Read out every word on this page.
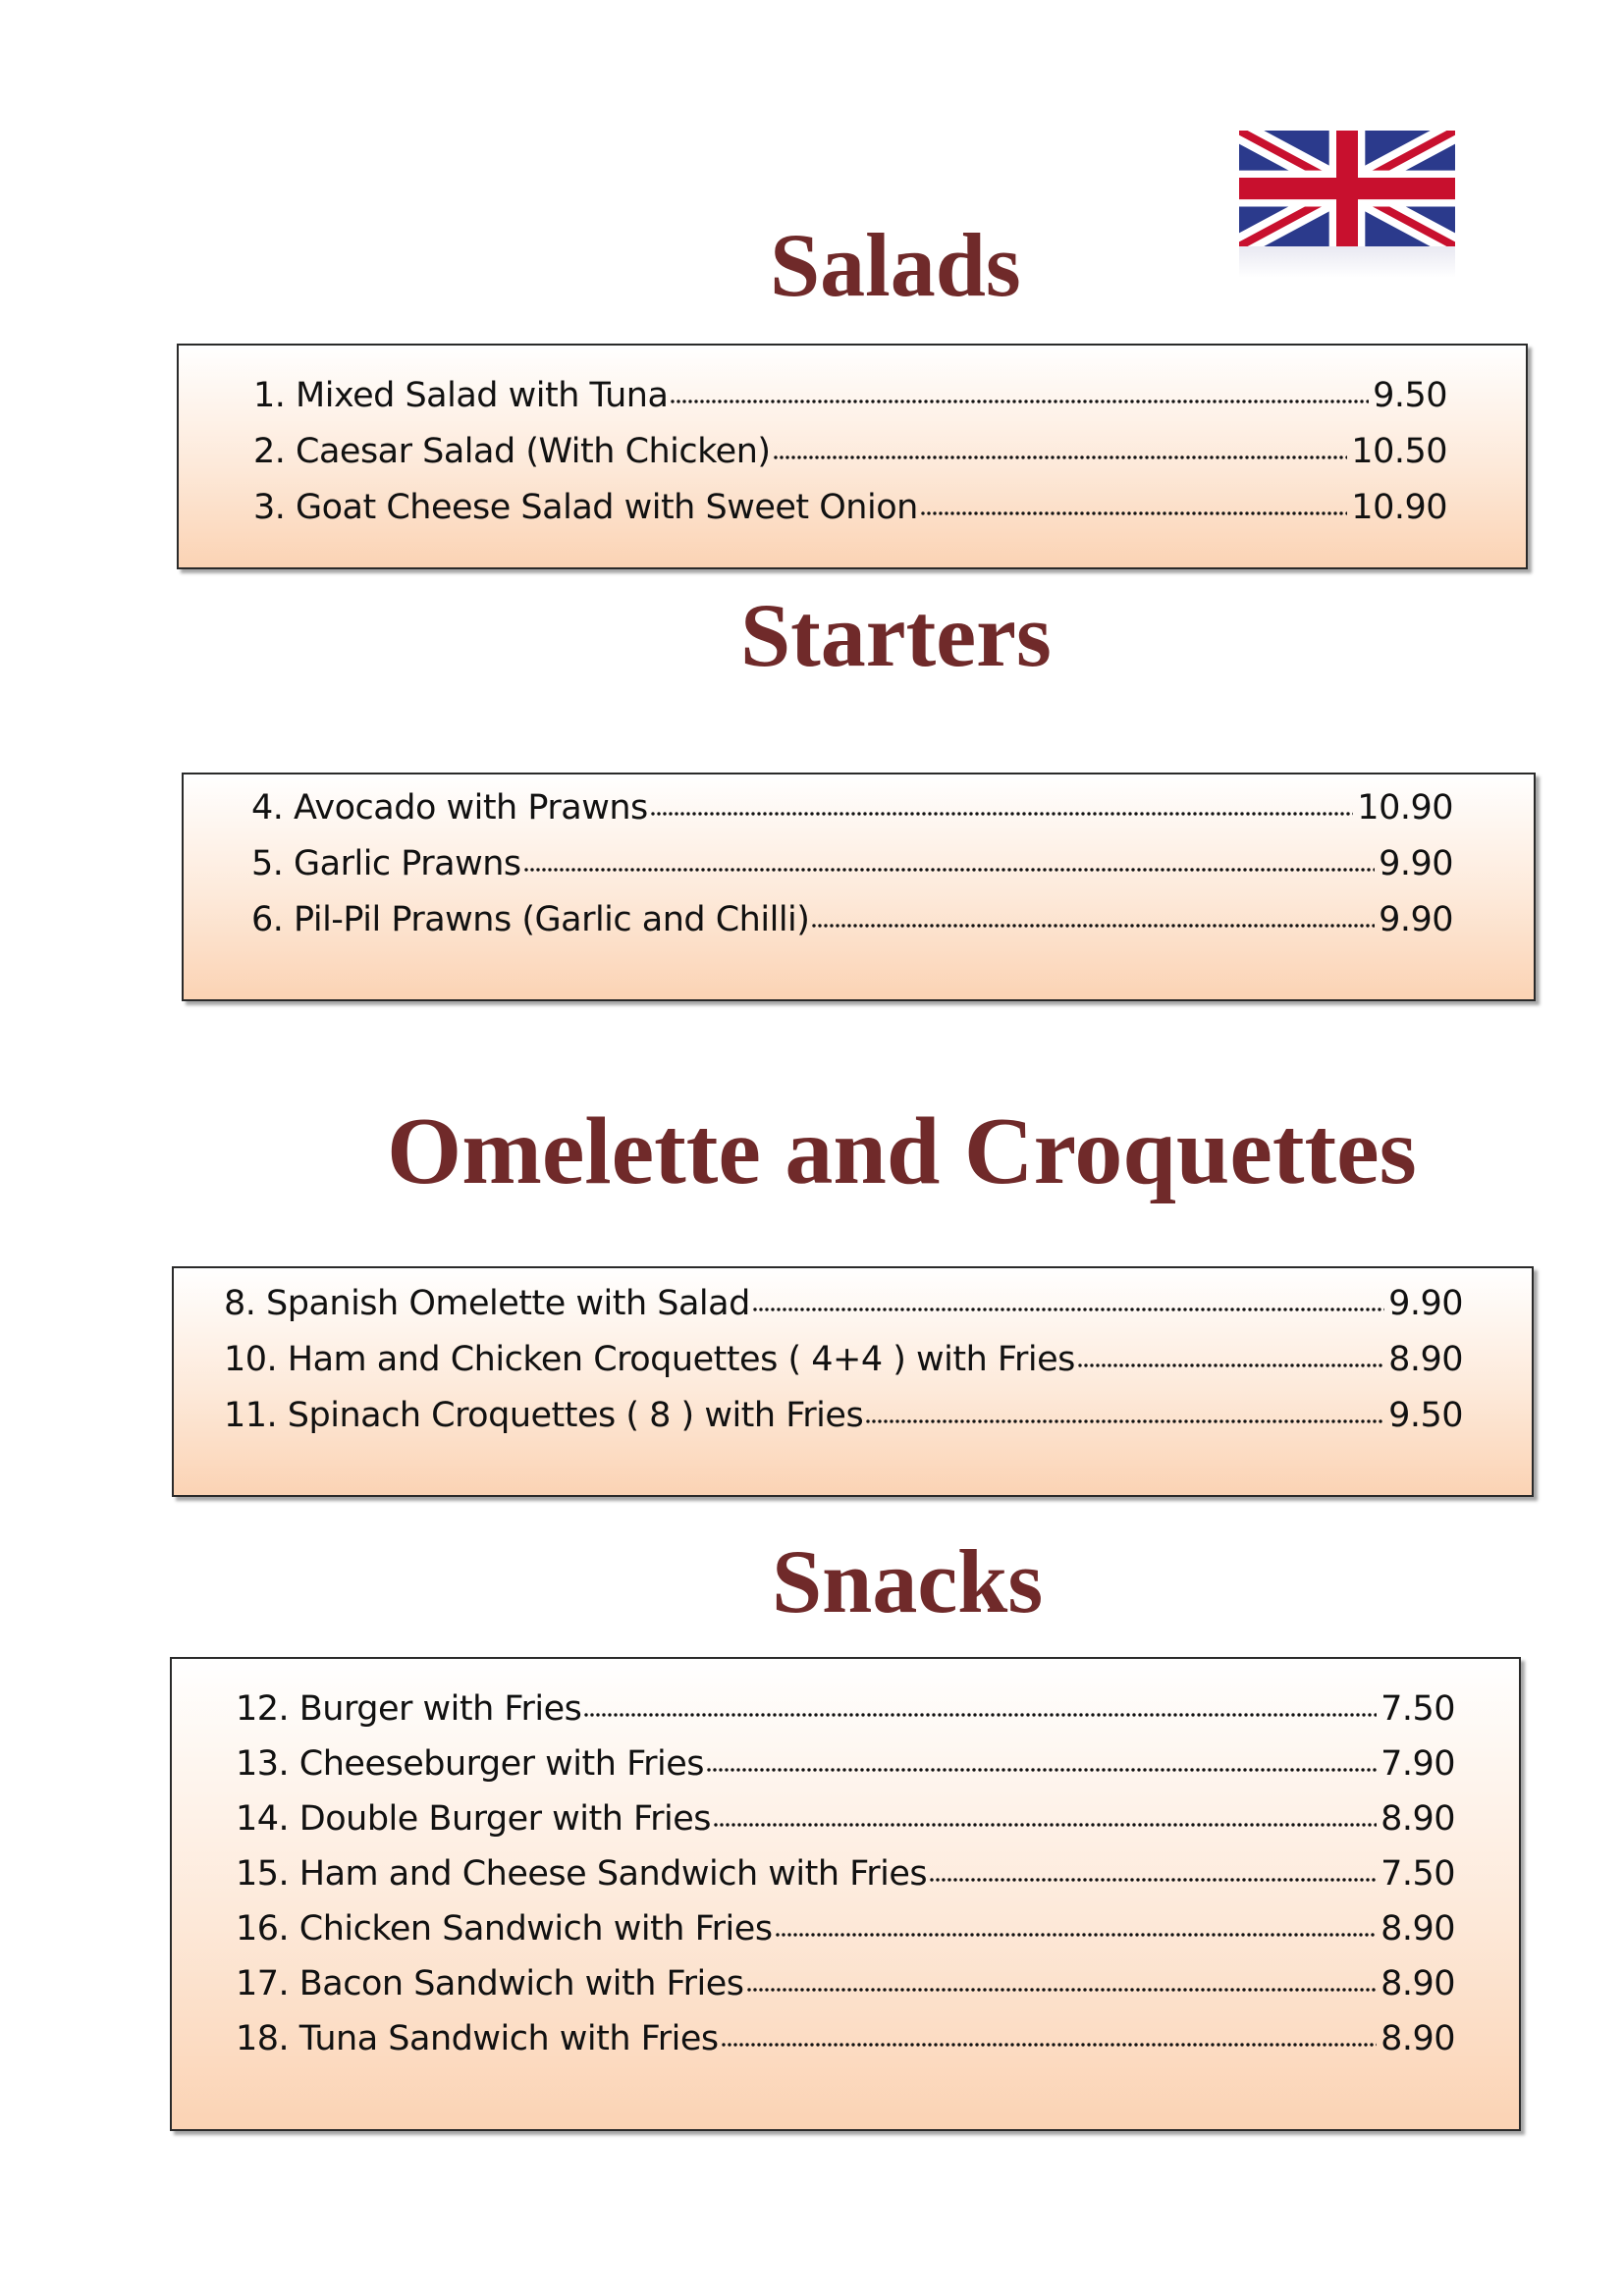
Salads
Starters
Omelette and Croquettes
Snacks
1. Mixed Salad with Tuna	9.50
2. Caesar Salad (With Chicken)	10.50
3. Goat Cheese Salad with Sweet Onion	10.90
4. Avocado with Prawns	10.90
5. Garlic Prawns	9.90
6. Pil-Pil Prawns (Garlic and Chilli)	9.90
8. Spanish Omelette with Salad	9.90
10. Ham and Chicken Croquettes ( 4+4 ) with Fries	8.90
11. Spinach Croquettes ( 8 ) with Fries	9.50
12. Burger with Fries	7.50
13. Cheeseburger with Fries	7.90
14. Double Burger with Fries	8.90
15. Ham and Cheese Sandwich with Fries	7.50
16. Chicken Sandwich with Fries	8.90
17. Bacon Sandwich with Fries	8.90
18. Tuna Sandwich with Fries	8.90
